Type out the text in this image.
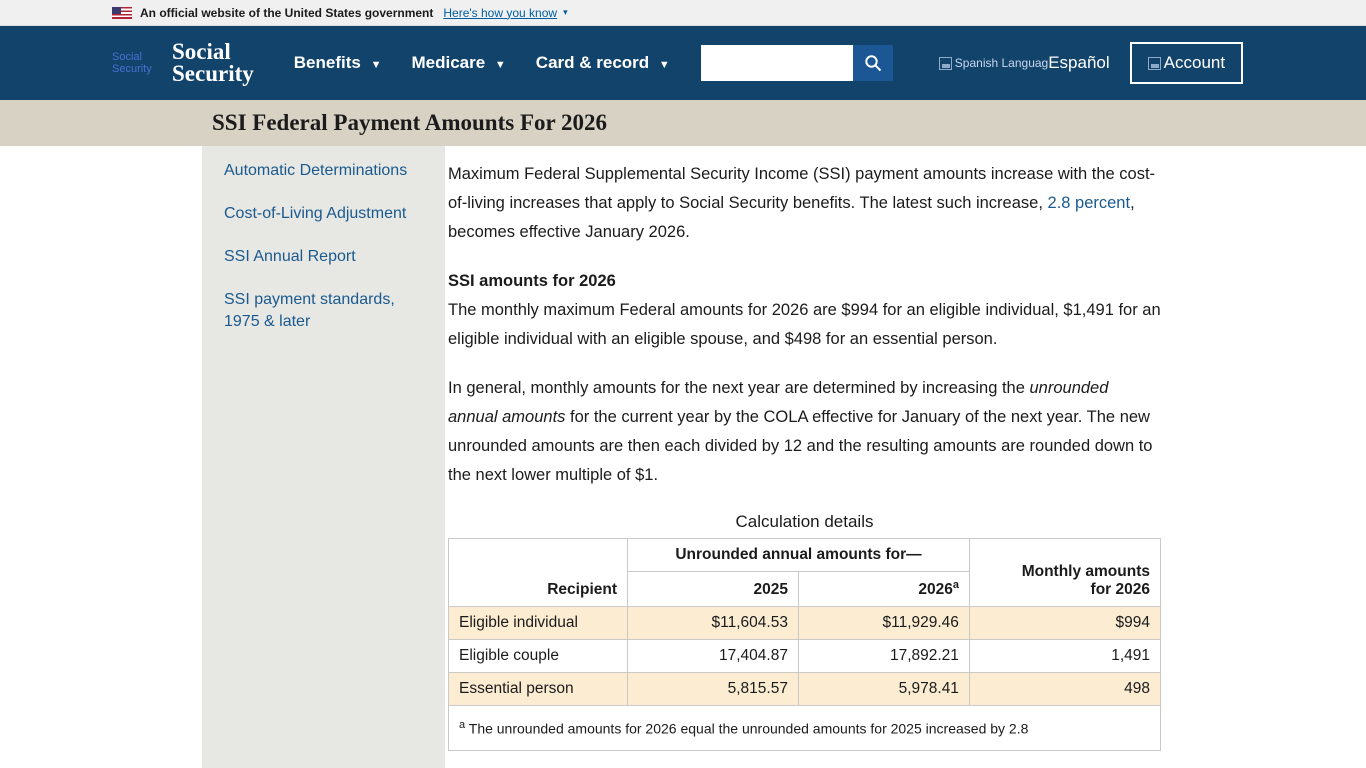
An official website of the United States government Here's how you know ▾
Social Security
Social
Security Benefits ▼ Medicare ▼ Card & record ▼	Spanish Languag Español	Account
SSI Federal Payment Amounts For 2026
Automatic Determinations
Cost-of-Living Adjustment
SSI Annual Report
SSI payment standards, 1975 & later

Maximum Federal Supplemental Security Income (SSI) payment amounts increase with the cost-of-living increases that apply to Social Security benefits. The latest such increase, 2.8 percent, becomes effective January 2026.

SSI amounts for 2026

The monthly maximum Federal amounts for 2026 are $994 for an eligible individual, $1,491 for an eligible individual with an eligible spouse, and $498 for an essential person.

In general, monthly amounts for the next year are determined by increasing the unrounded annual amounts for the current year by the COLA effective for January of the next year. The new unrounded amounts are then each divided by 12 and the resulting amounts are rounded down to the next lower multiple of $1.

Calculation details
Recipient	Unrounded annual amounts for—		Monthly amounts
for 2026
	2025	2026$^a$
Eligible individual	$11,604.53	$11,929.46	$994
Eligible couple	17,404.87	17,892.21	1,491
Essential person	5,815.57	5,978.41	498
$^a$ The unrounded amounts for 2026 equal the unrounded amounts for 2025 increased by 2.8
